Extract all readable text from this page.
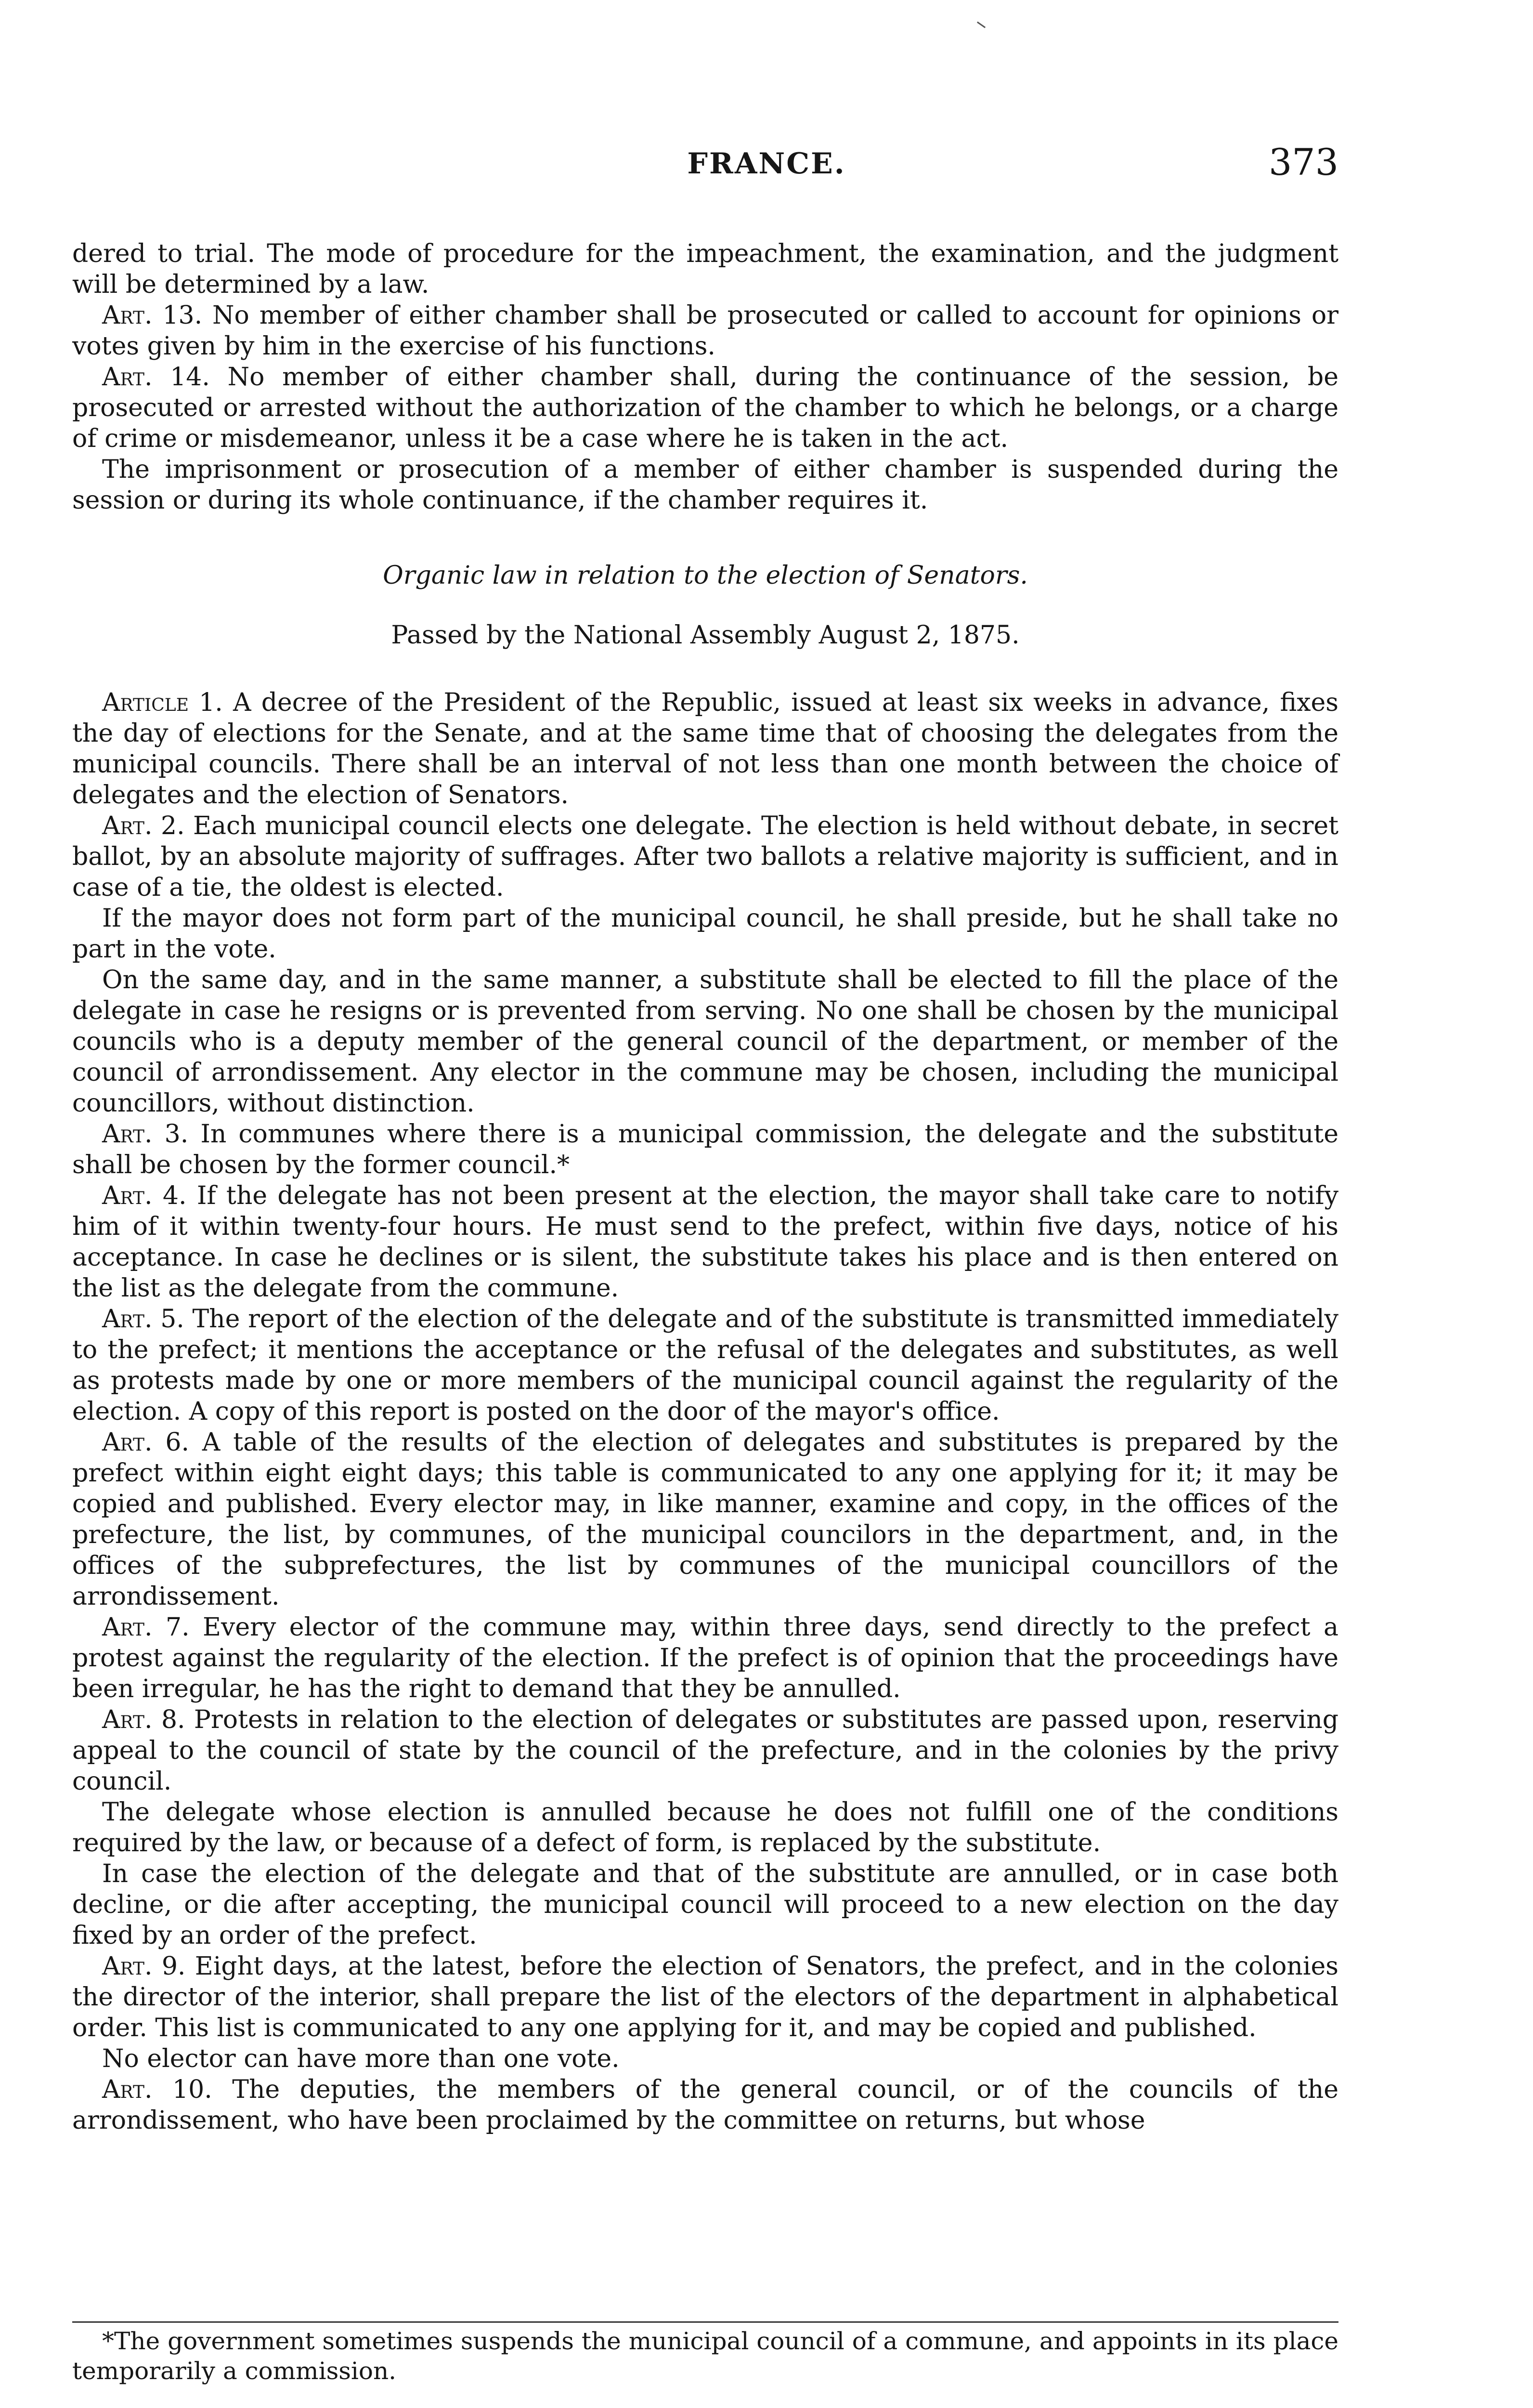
FRANCE.	373

dered to trial. The mode of procedure for the impeachment, the examination, and the judgment will be determined by a law.

Art. 13. No member of either chamber shall be prosecuted or called to account for opinions or votes given by him in the exercise of his functions.

Art. 14. No member of either chamber shall, during the continuance of the session, be prosecuted or arrested without the authorization of the chamber to which he belongs, or a charge of crime or misdemeanor, unless it be a case where he is taken in the act.

The imprisonment or prosecution of a member of either chamber is suspended during the session or during its whole continuance, if the chamber requires it.

Organic law in relation to the election of Senators.

Passed by the National Assembly August 2, 1875.

Article 1. A decree of the President of the Republic, issued at least six weeks in advance, fixes the day of elections for the Senate, and at the same time that of choosing the delegates from the municipal councils. There shall be an interval of not less than one month between the choice of delegates and the election of Senators.

Art. 2. Each municipal council elects one delegate. The election is held without debate, in secret ballot, by an absolute majority of suffrages. After two ballots a relative majority is sufficient, and in case of a tie, the oldest is elected.

If the mayor does not form part of the municipal council, he shall preside, but he shall take no part in the vote.

On the same day, and in the same manner, a substitute shall be elected to fill the place of the delegate in case he resigns or is prevented from serving. No one shall be chosen by the municipal councils who is a deputy member of the general council of the department, or member of the council of arrondissement. Any elector in the commune may be chosen, including the municipal councillors, without distinction.

Art. 3. In communes where there is a municipal commission, the delegate and the substitute shall be chosen by the former council.*

Art. 4. If the delegate has not been present at the election, the mayor shall take care to notify him of it within twenty-four hours. He must send to the prefect, within five days, notice of his acceptance. In case he declines or is silent, the substitute takes his place and is then entered on the list as the delegate from the commune.

Art. 5. The report of the election of the delegate and of the substitute is transmitted immediately to the prefect; it mentions the acceptance or the refusal of the delegates and substitutes, as well as protests made by one or more members of the municipal council against the regularity of the election. A copy of this report is posted on the door of the mayor's office.

Art. 6. A table of the results of the election of delegates and substitutes is prepared by the prefect within eight eight days; this table is communicated to any one applying for it; it may be copied and published. Every elector may, in like manner, examine and copy, in the offices of the prefecture, the list, by communes, of the municipal councilors in the department, and, in the offices of the subprefectures, the list by communes of the municipal councillors of the arrondissement.

Art. 7. Every elector of the commune may, within three days, send directly to the prefect a protest against the regularity of the election. If the prefect is of opinion that the proceedings have been irregular, he has the right to demand that they be annulled.

Art. 8. Protests in relation to the election of delegates or substitutes are passed upon, reserving appeal to the council of state by the council of the prefecture, and in the colonies by the privy council.

The delegate whose election is annulled because he does not fulfill one of the conditions required by the law, or because of a defect of form, is replaced by the substitute.

In case the election of the delegate and that of the substitute are annulled, or in case both decline, or die after accepting, the municipal council will proceed to a new election on the day fixed by an order of the prefect.

Art. 9. Eight days, at the latest, before the election of Senators, the prefect, and in the colonies the director of the interior, shall prepare the list of the electors of the department in alphabetical order. This list is communicated to any one applying for it, and may be copied and published.

No elector can have more than one vote.

Art. 10. The deputies, the members of the general council, or of the councils of the arrondissement, who have been proclaimed by the committee on returns, but whose

*The government sometimes suspends the municipal council of a commune, and appoints in its place temporarily a commission.
